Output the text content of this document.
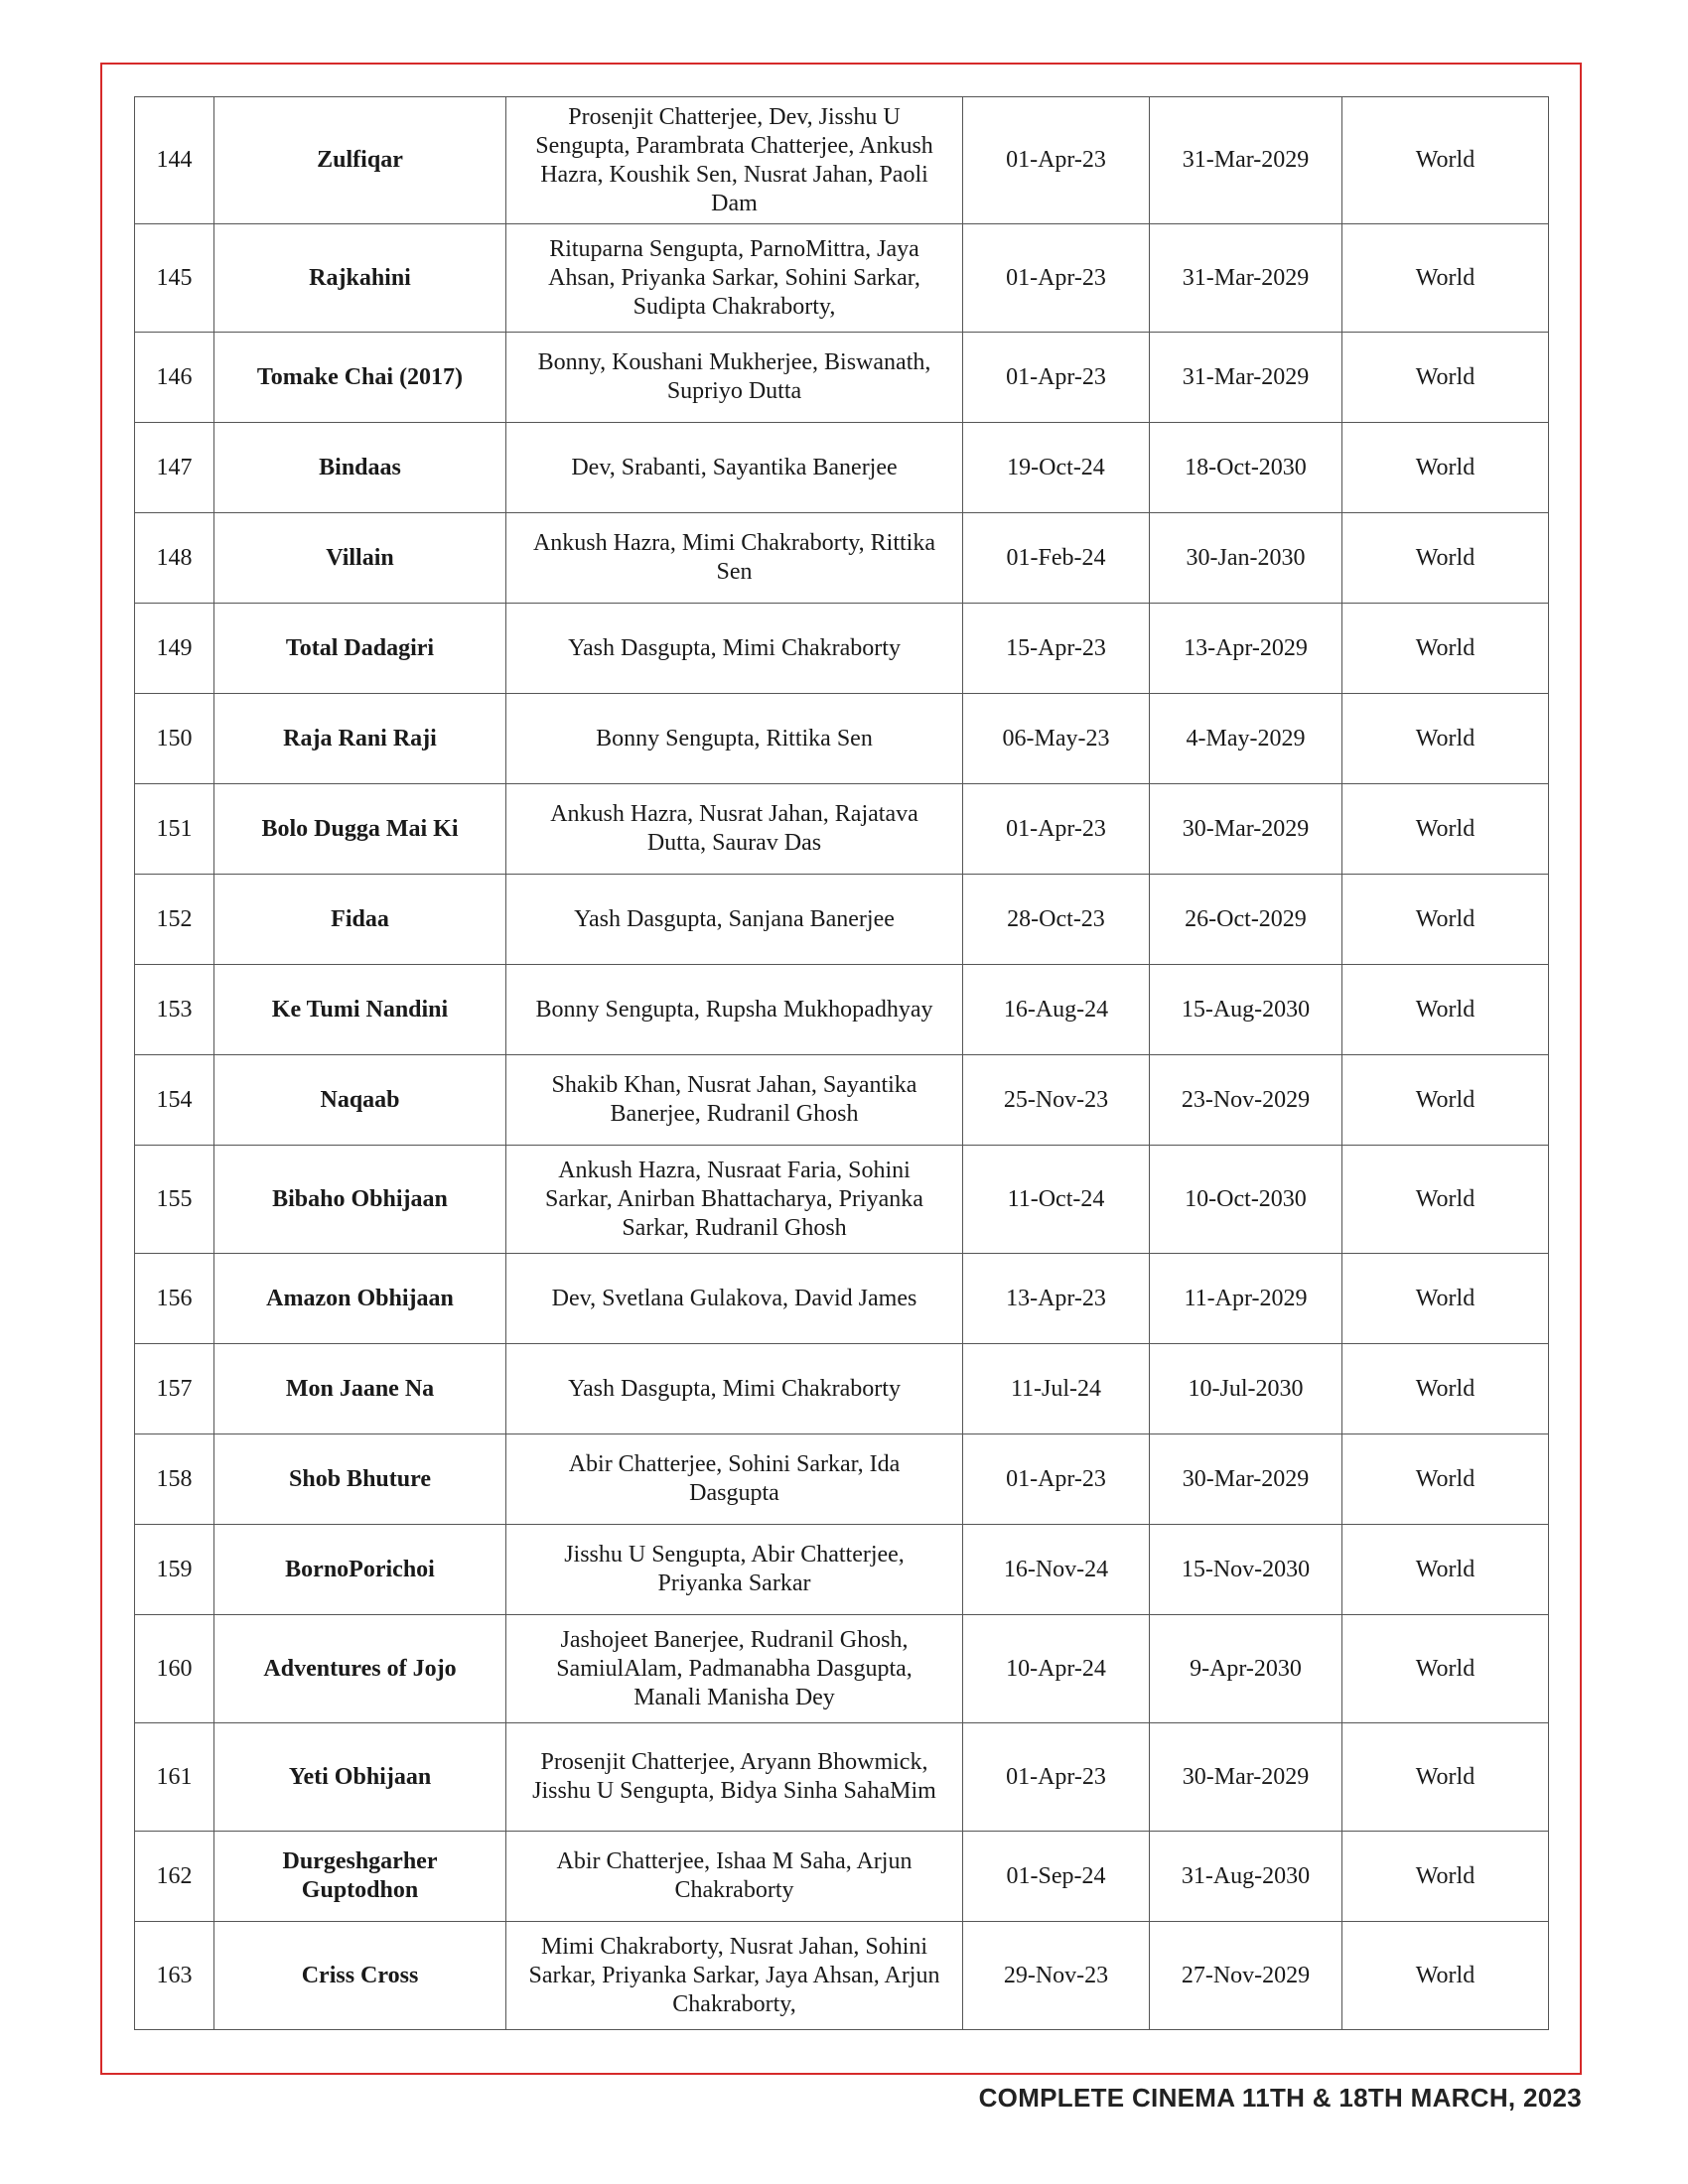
144	Zulfiqar	Prosenjit Chatterjee, Dev, Jisshu U Sengupta, Parambrata Chatterjee, Ankush Hazra, Koushik Sen, Nusrat Jahan, Paoli Dam	01-Apr-23	31-Mar-2029	World
145	Rajkahini	Rituparna Sengupta, ParnoMittra, Jaya Ahsan, Priyanka Sarkar, Sohini Sarkar, Sudipta Chakraborty,	01-Apr-23	31-Mar-2029	World
146	Tomake Chai (2017)	Bonny, Koushani Mukherjee, Biswanath, Supriyo Dutta	01-Apr-23	31-Mar-2029	World
147	Bindaas	Dev, Srabanti, Sayantika Banerjee	19-Oct-24	18-Oct-2030	World
148	Villain	Ankush Hazra, Mimi Chakraborty, Rittika Sen	01-Feb-24	30-Jan-2030	World
149	Total Dadagiri	Yash Dasgupta, Mimi Chakraborty	15-Apr-23	13-Apr-2029	World
150	Raja Rani Raji	Bonny Sengupta, Rittika Sen	06-May-23	4-May-2029	World
151	Bolo Dugga Mai Ki	Ankush Hazra, Nusrat Jahan, Rajatava Dutta, Saurav Das	01-Apr-23	30-Mar-2029	World
152	Fidaa	Yash Dasgupta, Sanjana Banerjee	28-Oct-23	26-Oct-2029	World
153	Ke Tumi Nandini	Bonny Sengupta, Rupsha Mukhopadhyay	16-Aug-24	15-Aug-2030	World
154	Naqaab	Shakib Khan, Nusrat Jahan, Sayantika Banerjee, Rudranil Ghosh	25-Nov-23	23-Nov-2029	World
155	Bibaho Obhijaan	Ankush Hazra, Nusraat Faria, Sohini Sarkar, Anirban Bhattacharya, Priyanka Sarkar, Rudranil Ghosh	11-Oct-24	10-Oct-2030	World
156	Amazon Obhijaan	Dev, Svetlana Gulakova, David James	13-Apr-23	11-Apr-2029	World
157	Mon Jaane Na	Yash Dasgupta, Mimi Chakraborty	11-Jul-24	10-Jul-2030	World
158	Shob Bhuture	Abir Chatterjee, Sohini Sarkar, Ida Dasgupta	01-Apr-23	30-Mar-2029	World
159	BornoPorichoi	Jisshu U Sengupta, Abir Chatterjee, Priyanka Sarkar	16-Nov-24	15-Nov-2030	World
160	Adventures of Jojo	Jashojeet Banerjee, Rudranil Ghosh, SamiulAlam, Padmanabha Dasgupta, Manali Manisha Dey	10-Apr-24	9-Apr-2030	World
161	Yeti Obhijaan	Prosenjit Chatterjee, Aryann Bhowmick, Jisshu U Sengupta, Bidya Sinha SahaMim	01-Apr-23	30-Mar-2029	World
162	Durgeshgarher Guptodhon	Abir Chatterjee, Ishaa M Saha, Arjun Chakraborty	01-Sep-24	31-Aug-2030	World
163	Criss Cross	Mimi Chakraborty, Nusrat Jahan, Sohini Sarkar, Priyanka Sarkar, Jaya Ahsan, Arjun Chakraborty,	29-Nov-23	27-Nov-2029	World
COMPLETE CINEMA 11TH & 18TH MARCH, 2023
